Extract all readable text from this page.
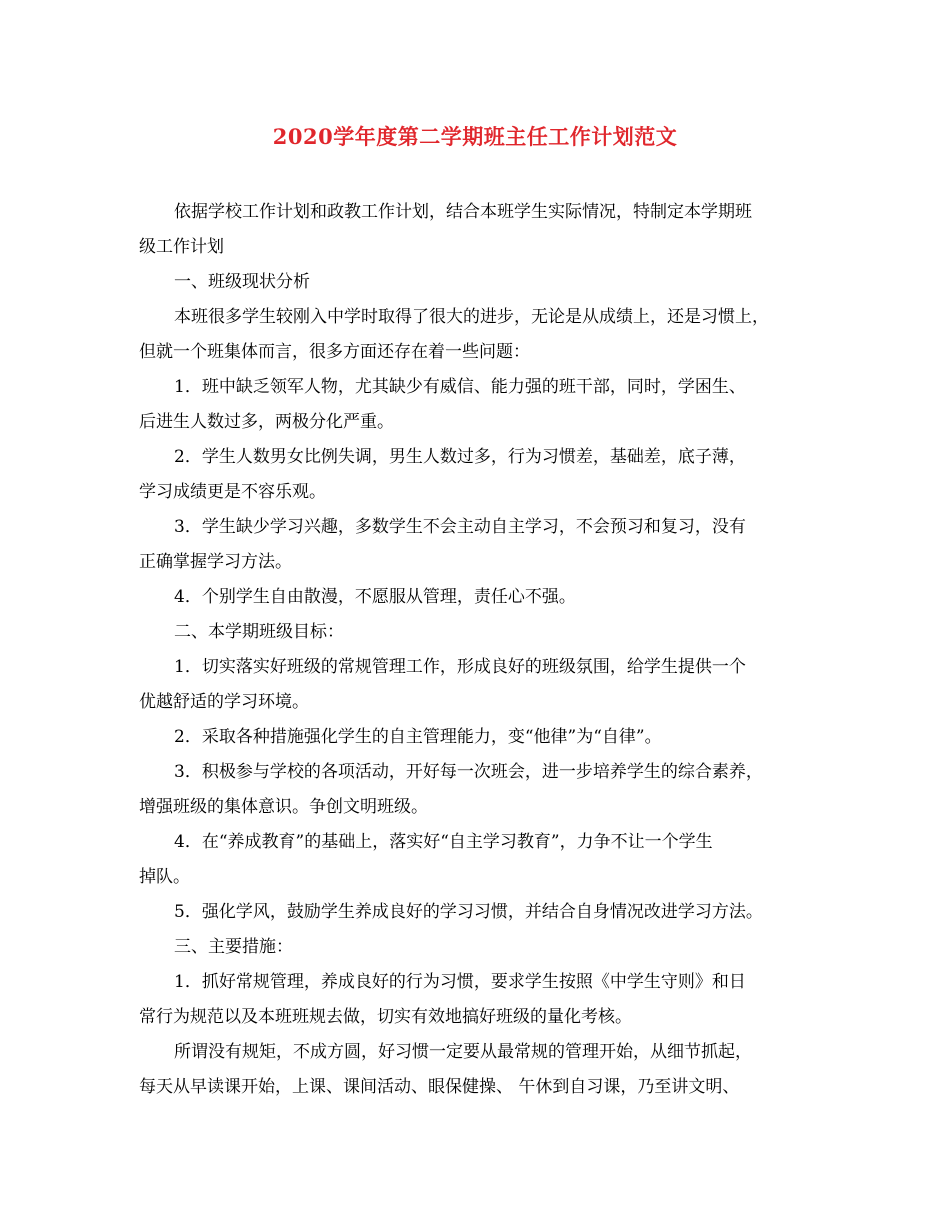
2020学年度第二学期班主任工作计划范文
依据学校工作计划和政教工作计划，结合本班学生实际情况，特制定本学期班
级工作计划
一、班级现状分析
本班很多学生较刚入中学时取得了很大的进步，无论是从成绩上，还是习惯上，
但就一个班集体而言，很多方面还存在着一些问题：
1．班中缺乏领军人物，尤其缺少有威信、能力强的班干部，同时，学困生、
后进生人数过多，两极分化严重。
2．学生人数男女比例失调，男生人数过多，行为习惯差，基础差，底子薄，
学习成绩更是不容乐观。
3．学生缺少学习兴趣，多数学生不会主动自主学习，不会预习和复习，没有
正确掌握学习方法。
4．个别学生自由散漫，不愿服从管理，责任心不强。
二、本学期班级目标：
1．切实落实好班级的常规管理工作，形成良好的班级氛围，给学生提供一个
优越舒适的学习环境。
2．采取各种措施强化学生的自主管理能力，变“他律”为“自律”。
3．积极参与学校的各项活动，开好每一次班会，进一步培养学生的综合素养，
增强班级的集体意识。争创文明班级。
4．在“养成教育”的基础上，落实好“自主学习教育”，力争不让一个学生
掉队。
5．强化学风，鼓励学生养成良好的学习习惯，并结合自身情况改进学习方法。
三、主要措施：
1．抓好常规管理，养成良好的行为习惯，要求学生按照《中学生守则》和日
常行为规范以及本班班规去做，切实有效地搞好班级的量化考核。
所谓没有规矩，不成方圆，好习惯一定要从最常规的管理开始，从细节抓起，
每天从早读课开始，上课、课间活动、眼保健操、 午休到自习课，乃至讲文明、
